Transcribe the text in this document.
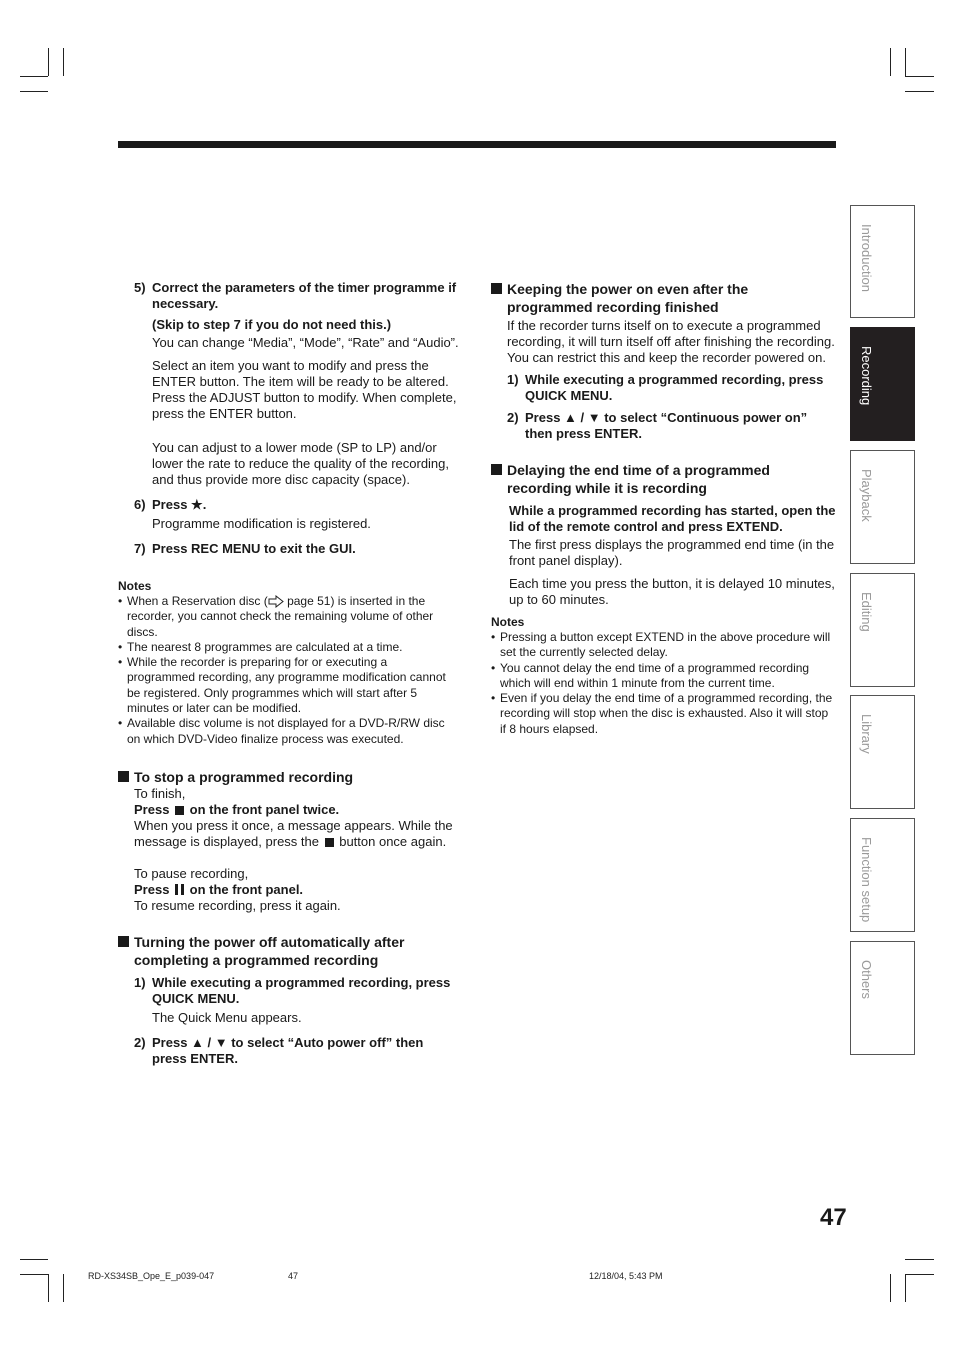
5) Correct the parameters of the timer programme if necessary.

(Skip to step 7 if you do not need this.)

You can change “Media”, “Mode”, “Rate” and “Audio”.

Select an item you want to modify and press the ENTER button. The item will be ready to be altered. Press the ADJUST button to modify. When complete, press the ENTER button.

You can adjust to a lower mode (SP to LP) and/or lower the rate to reduce the quality of the recording, and thus provide more disc capacity (space).

6) Press ★.

Programme modification is registered.

7) Press REC MENU to exit the GUI.
Notes
• When a Reservation disc ( page 51) is inserted in the recorder, you cannot check the remaining volume of other discs.
• The nearest 8 programmes are calculated at a time.
• While the recorder is preparing for or executing a programmed recording, any programme modification cannot be registered. Only programmes which will start after 5 minutes or later can be modified.
• Available disc volume is not displayed for a DVD-R/RW disc on which DVD-Video finalize process was executed.
To stop a programmed recording

To finish,

Press  on the front panel twice.

When you press it once, a message appears. While the message is displayed, press the  button once again.

To pause recording,

Press  on the front panel.

To resume recording, press it again.

Turning the power off automatically after completing a programmed recording
1) While executing a programmed recording, press QUICK MENU.

The Quick Menu appears.

2) Press ▲ / ▼ to select “Auto power off” then press ENTER.
Keeping the power on even after the programmed recording finished

If the recorder turns itself on to execute a programmed recording, it will turn itself off after finishing the recording. You can restrict this and keep the recorder powered on.

1) While executing a programmed recording, press QUICK MENU.
2) Press ▲ / ▼ to select “Continuous power on” then press ENTER.
Delaying the end time of a programmed recording while it is recording

While a programmed recording has started, open the lid of the remote control and press EXTEND.

The first press displays the programmed end time (in the front panel display).

Each time you press the button, it is delayed 10 minutes, up to 60 minutes.

Notes
• Pressing a button except EXTEND in the above procedure will set the currently selected delay.
• You cannot delay the end time of a programmed recording which will end within 1 minute from the current time.
• Even if you delay the end time of a programmed recording, the recording will stop when the disc is exhausted. Also it will stop if 8 hours elapsed.
Introduction
Recording
Playback
Editing
Library
Function setup
Others
47
RD-XS34SB_Ope_E_p039-047	47	12/18/04, 5:43 PM
